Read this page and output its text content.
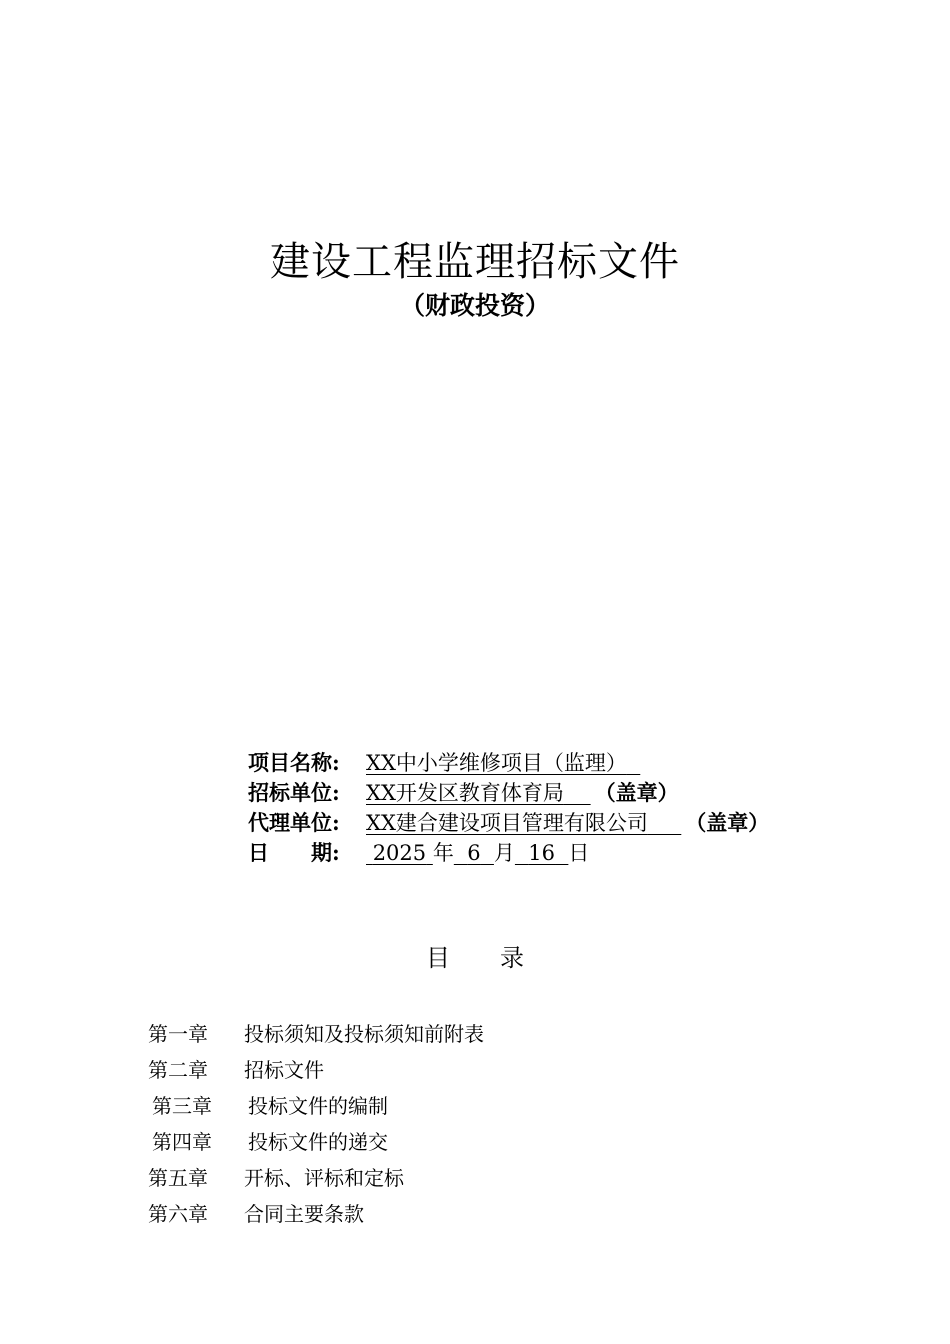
建设工程监理招标文件
（财政投资）
项目名称: XX中小学维修项目（监理）
招标单位: XX开发区教育体育局 （盖章）
代理单位: XX建合建设项目管理有限公司 （盖章）
日　　期: 2025 年 6 月 16 日
目 录
第一章 投标须知及投标须知前附表
第二章 招标文件
第三章 投标文件的编制
第四章 投标文件的递交
第五章 开标、评标和定标
第六章 合同主要条款
